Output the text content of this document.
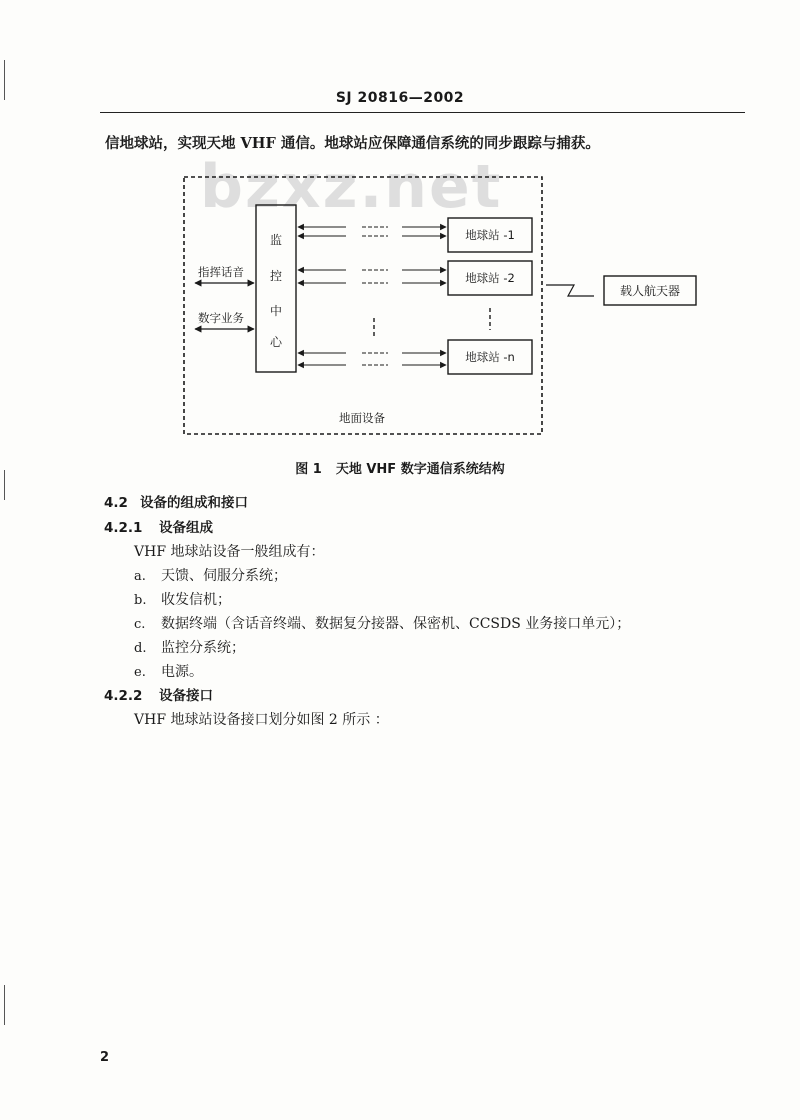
SJ 20816—2002
信地球站，实现天地 VHF 通信。地球站应保障通信系统的同步跟踪与捕获。
bzxz.net
监
控
中
心
指挥话音
数字业务
地球站 -1
地球站 -2
地球站 -n
载人航天器
地面设备
图 1 天地 VHF 数字通信系统结构
4.2 设备的组成和接口
4.2.1 设备组成
VHF 地球站设备一般组成有：
a. 天馈、伺服分系统；
b. 收发信机；
c. 数据终端（含话音终端、数据复分接器、保密机、CCSDS 业务接口单元）；
d. 监控分系统；
e. 电源。
4.2.2 设备接口
VHF 地球站设备接口划分如图 2 所示 ：
2
